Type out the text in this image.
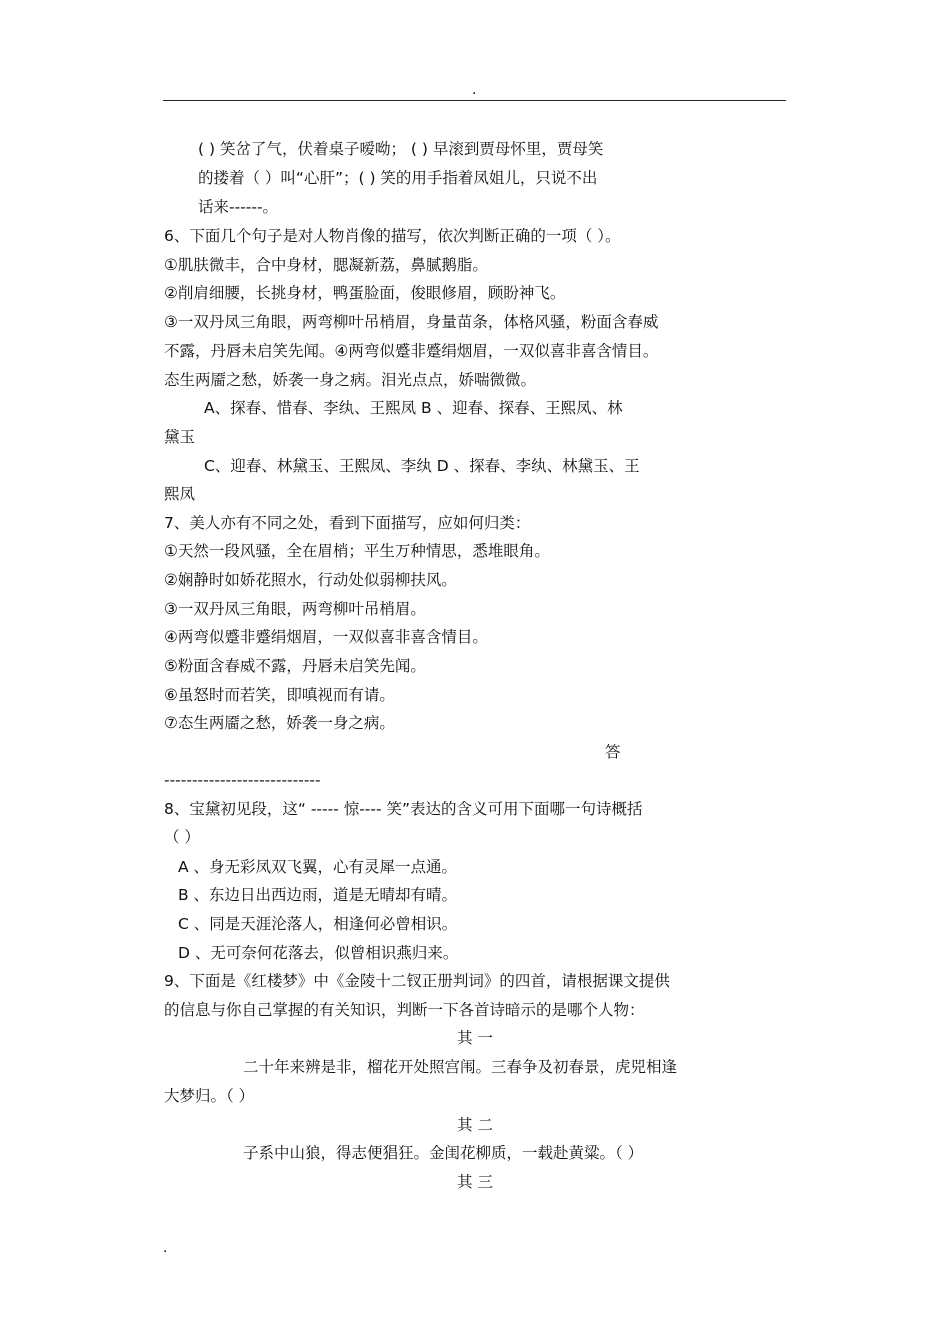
.
( ) 笑岔了气，伏着桌子嗳呦； ( ) 早滚到贾母怀里，贾母笑
的搂着（ ）叫“心肝”；( ) 笑的用手指着凤姐儿，只说不出
话来------。
6、下面几个句子是对人物肖像的描写，依次判断正确的一项（ ）。
①肌肤微丰，合中身材，腮凝新荔，鼻腻鹅脂。
②削肩细腰，长挑身材，鸭蛋脸面，俊眼修眉，顾盼神飞。
③一双丹凤三角眼，两弯柳叶吊梢眉，身量苗条，体格风骚，粉面含春威
不露，丹唇未启笑先闻。④两弯似蹙非蹙绢烟眉，一双似喜非喜含情目。
态生两靥之愁，娇袭一身之病。泪光点点，娇喘微微。
A、探春、惜春、李纨、王熙凤 B 、迎春、探春、王熙凤、林
黛玉
C、迎春、林黛玉、王熙凤、李纨 D 、探春、李纨、林黛玉、王
熙凤
7、美人亦有不同之处，看到下面描写，应如何归类：
①天然一段风骚，全在眉梢；平生万种情思，悉堆眼角。
②娴静时如娇花照水，行动处似弱柳扶风。
③一双丹凤三角眼，两弯柳叶吊梢眉。
④两弯似蹙非蹙绢烟眉，一双似喜非喜含情目。
⑤粉面含春威不露，丹唇未启笑先闻。
⑥虽怒时而若笑，即嗔视而有请。
⑦态生两靥之愁，娇袭一身之病。
答
----------------------------
8、宝黛初见段，这“ ----- 惊---- 笑”表达的含义可用下面哪一句诗概括
（ ）
A 、身无彩凤双飞翼，心有灵犀一点通。
B 、东边日出西边雨，道是无晴却有晴。
C 、同是天涯沦落人，相逢何必曾相识。
D 、无可奈何花落去，似曾相识燕归来。
9、下面是《红楼梦》中《金陵十二钗正册判词》的四首，请根据课文提供
的信息与你自己掌握的有关知识，判断一下各首诗暗示的是哪个人物：
其 一
二十年来辨是非，榴花开处照宫闱。三春争及初春景，虎兕相逢
大梦归。（ ）
其 二
子系中山狼，得志便猖狂。金闺花柳质，一载赴黄粱。（ ）
其 三
.
